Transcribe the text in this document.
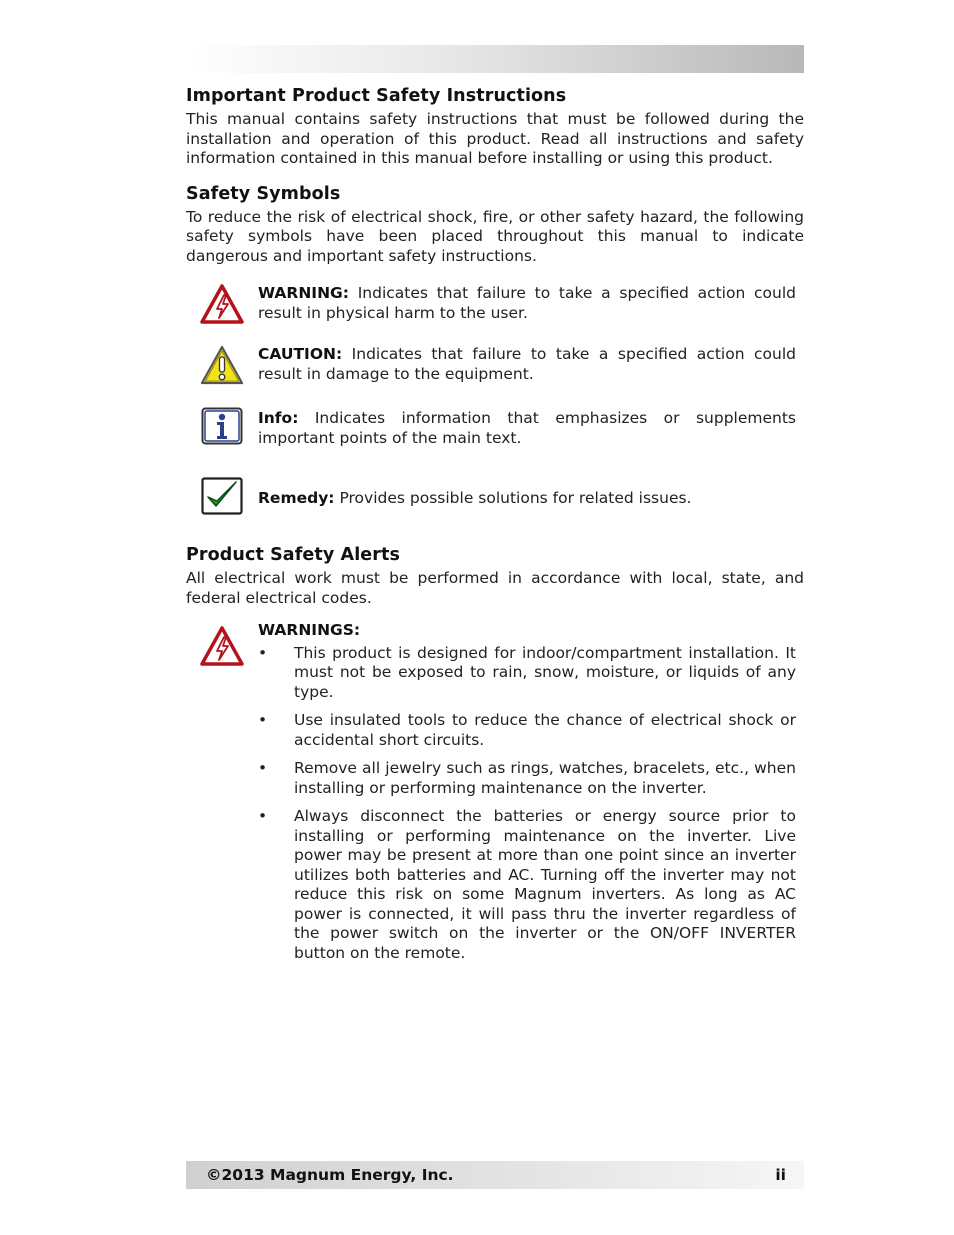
Important Product Safety Instructions

This manual contains safety instructions that must be followed during the installation and operation of this product. Read all instructions and safety information contained in this manual before installing or using this product.

Safety Symbols

To reduce the risk of electrical shock, fire, or other safety hazard, the following safety symbols have been placed throughout this manual to indicate dangerous and important safety instructions.

WARNING: Indicates that failure to take a specified action could result in physical harm to the user.
CAUTION: Indicates that failure to take a specified action could result in damage to the equipment.
Info: Indicates information that emphasizes or supplements important points of the main text.
Remedy: Provides possible solutions for related issues.
Product Safety Alerts

All electrical work must be performed in accordance with local, state, and federal electrical codes.

WARNINGS:
• This product is designed for indoor/compartment installation. It must not be exposed to rain, snow, moisture, or liquids of any type.
• Use insulated tools to reduce the chance of electrical shock or accidental short circuits.
• Remove all jewelry such as rings, watches, bracelets, etc., when installing or performing maintenance on the inverter.
• Always disconnect the batteries or energy source prior to installing or performing maintenance on the inverter. Live power may be present at more than one point since an inverter utilizes both batteries and AC. Turning off the inverter may not reduce this risk on some Magnum inverters. As long as AC power is connected, it will pass thru the inverter regardless of the power switch on the inverter or the ON/OFF INVERTER button on the remote.
©2013 Magnum Energy, Inc.	ii
